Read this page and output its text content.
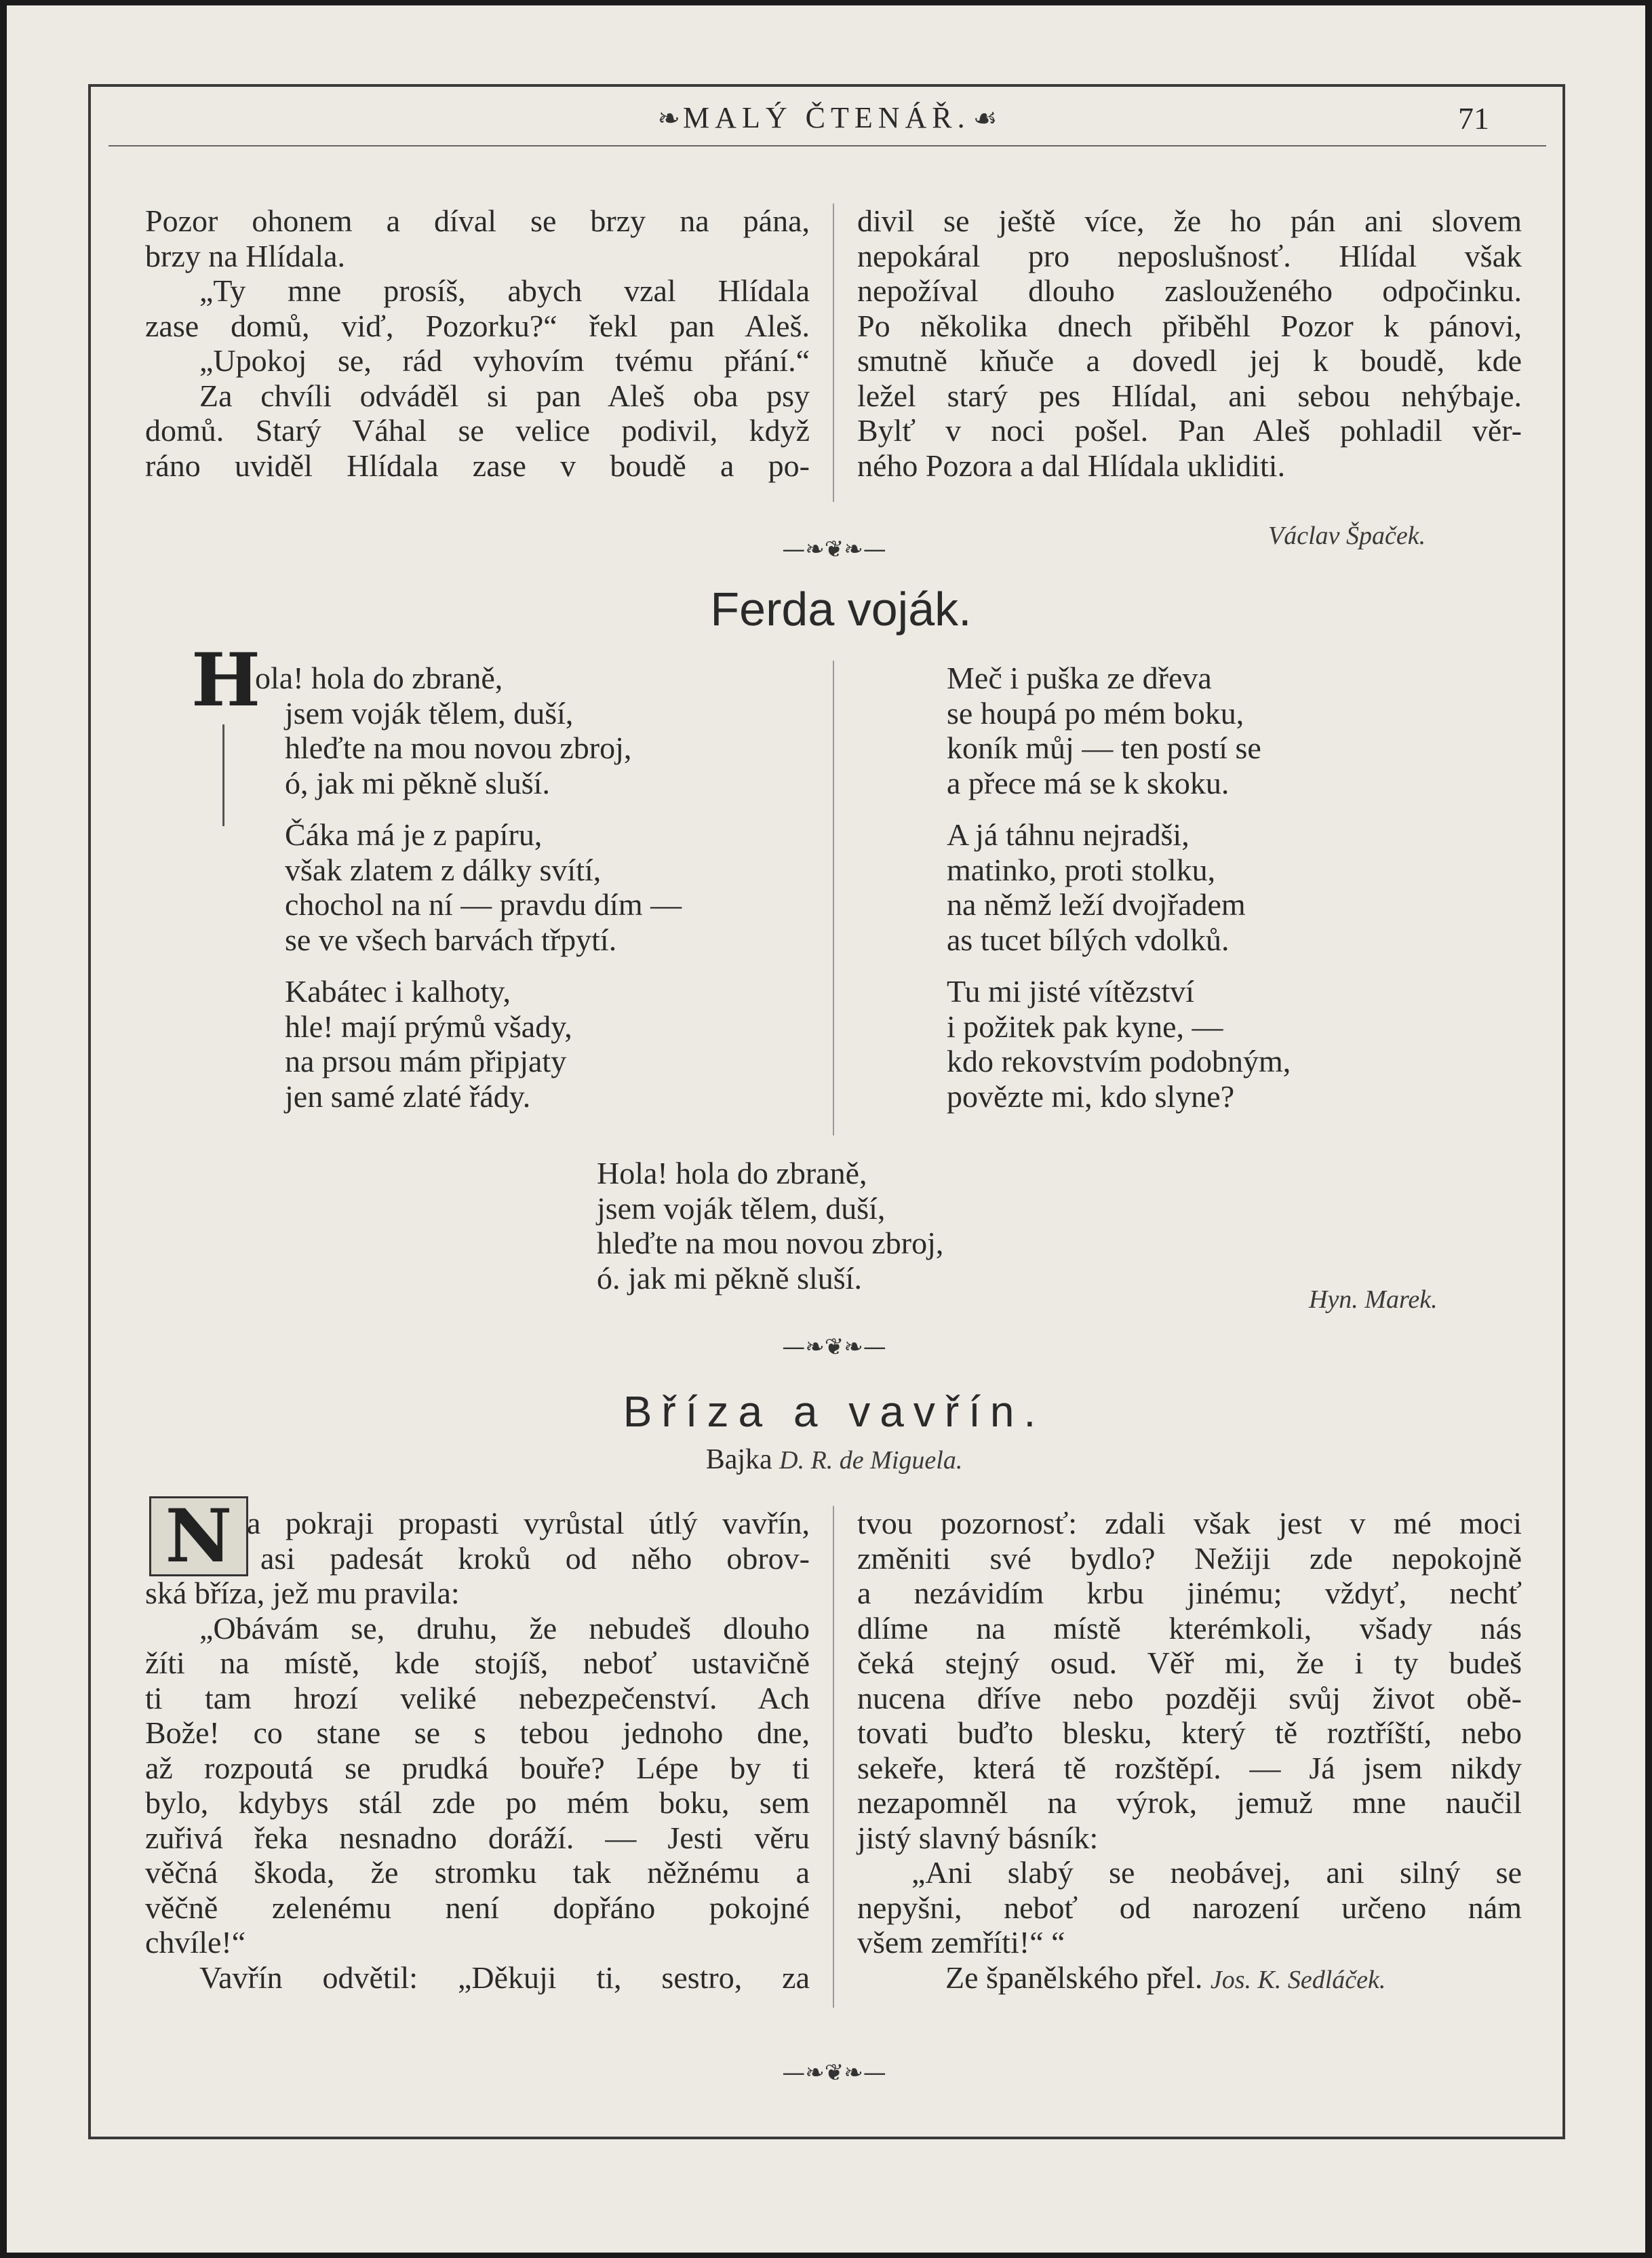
❧ MALÝ ČTENÁŘ. ☙	71
Pozor ohonem a díval se brzy na pána,
brzy na Hlídala.
„Ty mne prosíš, abych vzal Hlídala
zase domů, viď, Pozorku?“ řekl pan Aleš.
„Upokoj se, rád vyhovím tvému přání.“
Za chvíli odváděl si pan Aleš oba psy
domů. Starý Váhal se velice podivil, když
ráno uviděl Hlídala zase v boudě a po-
divil se ještě více, že ho pán ani slovem
nepokáral pro neposlušnosť. Hlídal však
nepožíval dlouho zaslouženého odpočinku.
Po několika dnech přiběhl Pozor k pánovi,
smutně kňuče a dovedl jej k boudě, kde
ležel starý pes Hlídal, ani sebou nehýbaje.
Bylť v noci pošel. Pan Aleš pohladil věr-
ného Pozora a dal Hlídala ukliditi.
Václav Špaček.
—❧❦❧—
Ferda voják.
H
ola! hola do zbraně,
jsem voják tělem, duší,
hleďte na mou novou zbroj,
ó, jak mi pěkně sluší.
Čáka má je z papíru,
však zlatem z dálky svítí,
chochol na ní — pravdu dím —
se ve všech barvách třpytí.
Kabátec i kalhoty,
hle! mají prýmů všady,
na prsou mám připjaty
jen samé zlaté řády.
Meč i puška ze dřeva
se houpá po mém boku,
koník můj — ten postí se
a přece má se k skoku.
A já táhnu nejradši,
matinko, proti stolku,
na němž leží dvojřadem
as tucet bílých vdolků.
Tu mi jisté vítězství
i požitek pak kyne, —
kdo rekovstvím podobným,
povězte mi, kdo slyne?
Hola! hola do zbraně,
jsem voják tělem, duší,
hleďte na mou novou zbroj,
ó. jak mi pěkně sluší.
Hyn. Marek.
—❧❦❧—
Bříza a vavřín.
Bajka D. R. de Miguela.
N a pokraji propasti vyrůstal útlý vavřín,
asi padesát kroků od něho obrov-
ská bříza, jež mu pravila:
„Obávám se, druhu, že nebudeš dlouho
žíti na místě, kde stojíš, neboť ustavičně
ti tam hrozí veliké nebezpečenství. Ach
Bože! co stane se s tebou jednoho dne,
až rozpoutá se prudká bouře? Lépe by ti
bylo, kdybys stál zde po mém boku, sem
zuřivá řeka nesnadno doráží. — Jesti věru
věčná škoda, že stromku tak něžnému a
věčně zelenému není dopřáno pokojné
chvíle!“
Vavřín odvětil: „Děkuji ti, sestro, za
tvou pozornosť: zdali však jest v mé moci
změniti své bydlo? Nežiji zde nepokojně
a nezávidím krbu jinému; vždyť, nechť
dlíme na místě kterémkoli, všady nás
čeká stejný osud. Věř mi, že i ty budeš
nucena dříve nebo později svůj život obě-
tovati buďto blesku, který tě roztříští, nebo
sekeře, která tě rozštěpí. — Já jsem nikdy
nezapomněl na výrok, jemuž mne naučil
jistý slavný básník:
„Ani slabý se neobávej, ani silný se
nepyšni, neboť od narození určeno nám
všem zemříti!“ “
Ze španělského přel. Jos. K. Sedláček.
—❧❦❧—
